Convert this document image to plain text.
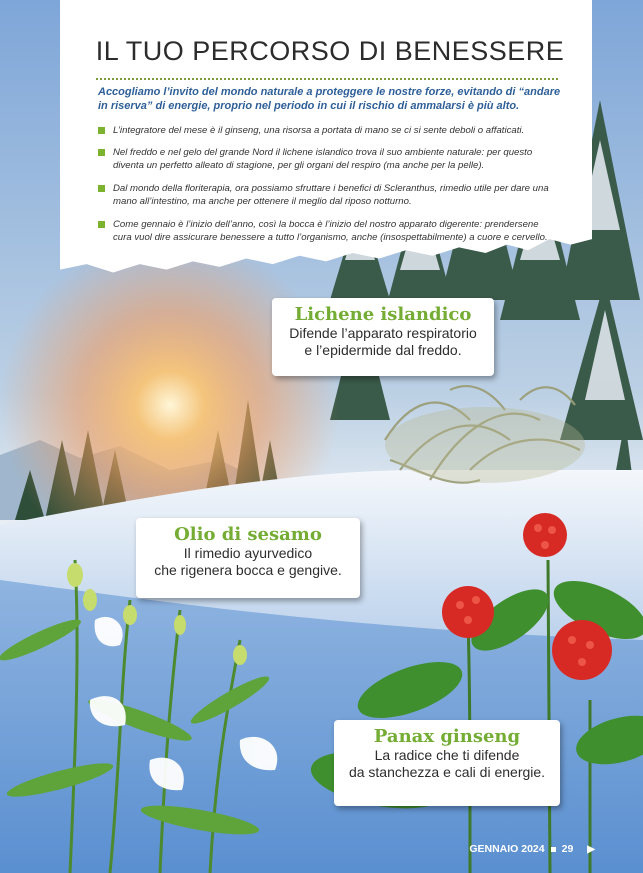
IL TUO PERCORSO DI BENESSERE

Accogliamo l’invito del mondo naturale a proteggere le nostre forze, evitando di “andare in riserva” di energie, proprio nel periodo in cui il rischio di ammalarsi è più alto.

L’integratore del mese è il ginseng, una risorsa a portata di mano se ci si sente deboli o affaticati.

Nel freddo e nel gelo del grande Nord il lichene islandico trova il suo ambiente naturale: per questo diventa un perfetto alleato di stagione, per gli organi del respiro (ma anche per la pelle).

Dal mondo della floriterapia, ora possiamo sfruttare i benefici di Scleranthus, rimedio utile per dare una mano all’intestino, ma anche per ottenere il meglio dal riposo notturno.

Come gennaio è l’inizio dell’anno, così la bocca è l’inizio del nostro apparato digerente: prendersene cura vuol dire assicurare benessere a tutto l’organismo, anche (insospettabilmente) a cuore e cervello.

Lichene islandico

Difende l’apparato respiratorio
e l’epidermide dal freddo.

Olio di sesamo

Il rimedio ayurvedico
che rigenera bocca e gengive.

Panax ginseng

La radice che ti difende
da stanchezza e cali di energie.
GENNAIO 2024 29 ▶
